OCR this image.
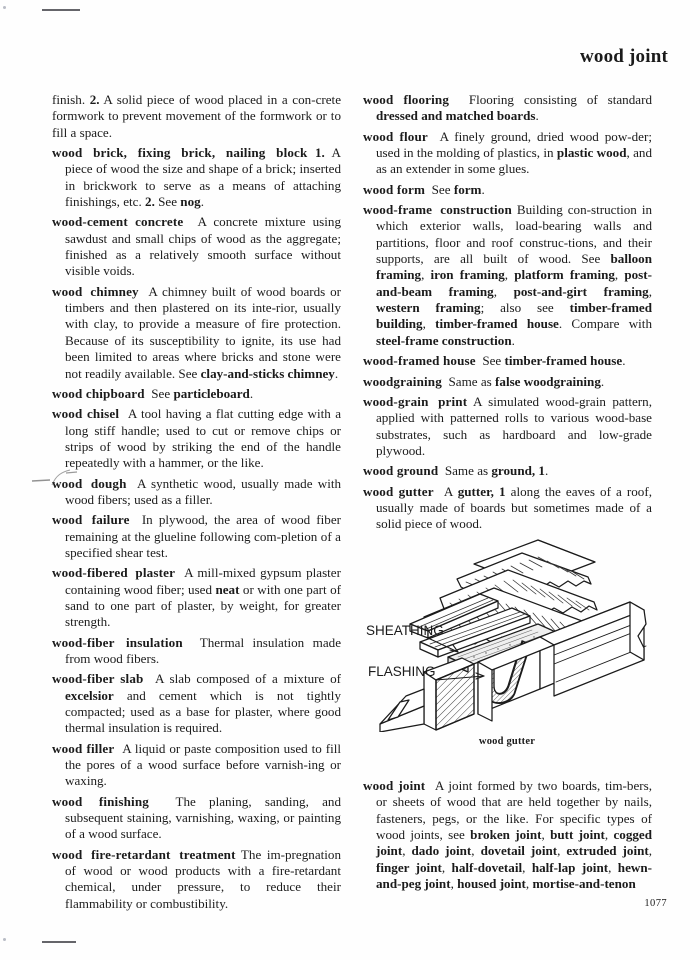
wood joint

finish. 2. A solid piece of wood placed in a con-crete formwork to prevent movement of the formwork or to fill a space.

wood brick, fixing brick, nailing block 1. A piece of wood the size and shape of a brick; inserted in brickwork to serve as a means of attaching finishings, etc. 2. See nog.

wood-cement concrete A concrete mixture using sawdust and small chips of wood as the aggregate; finished as a relatively smooth surface without visible voids.

wood chimney A chimney built of wood boards or timbers and then plastered on its inte-rior, usually with clay, to provide a measure of fire protection. Because of its susceptibility to ignite, its use had been limited to areas where bricks and stone were not readily available. See clay-and-sticks chimney.

wood chipboard See particleboard.

wood chisel A tool having a flat cutting edge with a long stiff handle; used to cut or remove chips or strips of wood by striking the end of the handle repeatedly with a hammer, or the like.

wood dough A synthetic wood, usually made with wood fibers; used as a filler.

wood failure In plywood, the area of wood fiber remaining at the glueline following com-pletion of a specified shear test.

wood-fibered plaster A mill-mixed gypsum plaster containing wood fiber; used neat or with one part of sand to one part of plaster, by weight, for greater strength.

wood-fiber insulation Thermal insulation made from wood fibers.

wood-fiber slab A slab composed of a mixture of excelsior and cement which is not tightly compacted; used as a base for plaster, where good thermal insulation is required.

wood filler A liquid or paste composition used to fill the pores of a wood surface before varnish-ing or waxing.

wood finishing The planing, sanding, and subsequent staining, varnishing, waxing, or painting of a wood surface.

wood fire-retardant treatment The im-pregnation of wood or wood products with a fire-retardant chemical, under pressure, to reduce their flammability or combustibility.

wood flooring Flooring consisting of standard dressed and matched boards.

wood flour A finely ground, dried wood pow-der; used in the molding of plastics, in plastic wood, and as an extender in some glues.

wood form See form.

wood-frame construction Building con-struction in which exterior walls, load-bearing walls and partitions, floor and roof construc-tions, and their supports, are all built of wood. See balloon framing, iron framing, platform framing, post-and-beam framing, post-and-girt framing, western framing; also see timber-framed building, timber-framed house. Compare with steel-frame construction.

wood-framed house See timber-framed house.

woodgraining Same as false woodgraining.

wood-grain print A simulated wood-grain pattern, applied with patterned rolls to various wood-base substrates, such as hardboard and low-grade plywood.

wood ground Same as ground, 1.

wood gutter A gutter, 1 along the eaves of a roof, usually made of boards but sometimes made of a solid piece of wood.

SHEATHING
FLASHING
wood gutter

wood joint A joint formed by two boards, tim-bers, or sheets of wood that are held together by nails, fasteners, pegs, or the like. For specific types of wood joints, see broken joint, butt joint, cogged joint, dado joint, dovetail joint, extruded joint, finger joint, half-dovetail, half-lap joint, hewn-and-peg joint, housed joint, mortise-and-tenon

1077
